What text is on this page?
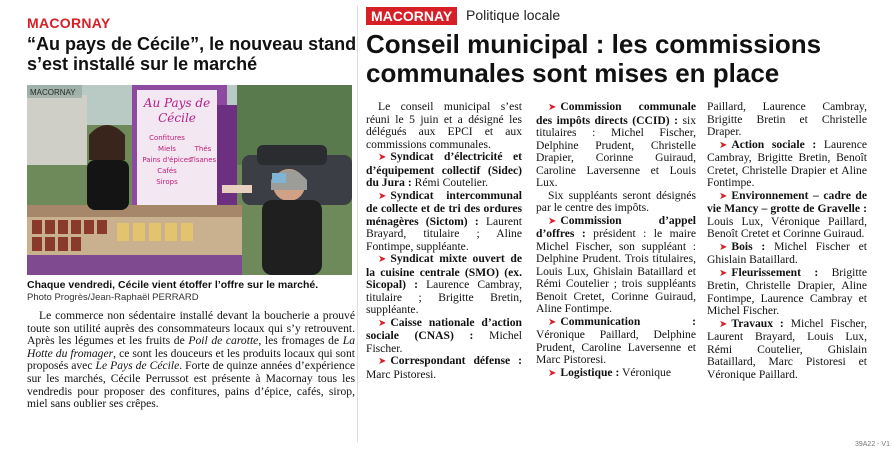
MACORNAY
“Au pays de Cécile”, le nouveau stand
s’est installé sur le marché
Au Pays de
Cécile
Confitures
Miels
Pains d'épices
Cafés
Thés
Sirops
Tisanes
MACORNAY
Chaque vendredi, Cécile vient étoffer l’offre sur le marché.
Photo Progrès/Jean-Raphaël PERRARD

Le commerce non sédentaire installé devant la boucherie a prouvé toute son utilité auprès des consommateurs locaux qui s’y retrouvent. Après les légumes et les fruits de Poil de carotte, les fromages de La Hotte du fromager, ce sont les douceurs et les produits locaux qui sont proposés avec Le Pays de Cécile. Forte de quinze années d’expérience sur les marchés, Cécile Perrussot est présente à Macornay tous les vendredis pour proposer des confitures, pains d’épice, cafés, sirop, miel sans oublier ses crêpes.

MACORNAY Politique locale
Conseil municipal : les commissions
communales sont mises en place

Le conseil municipal s’est réuni le 5 juin et a désigné les délégués aux EPCI et aux commissions communales.

➤ Syndicat d’électricité et d’équipement collectif (Sidec) du Jura : Rémi Coutelier.

➤ Syndicat intercommunal de collecte et de tri des ordures ménagères (Sictom) : Laurent Brayard, titulaire ; Aline Fontimpe, suppléante.

➤ Syndicat mixte ouvert de la cuisine centrale (SMO) (ex. Sicopal) : Laurence Cambray, titulaire ; Brigitte Bretin, suppléante.

➤ Caisse nationale d’action sociale (CNAS) : Michel Fischer.

➤ Correspondant défense : Marc Pistoresi.

➤ Commission communale des impôts directs (CCID) : six titulaires : Michel Fischer, Delphine Prudent, Christelle Drapier, Corinne Guiraud, Caroline Laversenne et Louis Lux.

Six suppléants seront désignés par le centre des impôts.

➤ Commission d’appel d’offres : président : le maire Michel Fischer, son suppléant : Delphine Prudent. Trois titulaires, Louis Lux, Ghislain Bataillard et Rémi Coutelier ; trois suppléants Benoit Cretet, Corinne Guiraud, Aline Fontimpe.

➤ Communication : Véronique Paillard, Delphine Prudent, Caroline Laversenne et Marc Pistoresi.

➤ Logistique : Véronique

Paillard, Laurence Cambray, Brigitte Bretin et Christelle Draper.

➤ Action sociale : Laurence Cambray, Brigitte Bretin, Benoît Cretet, Christelle Drapier et Aline Fontimpe.

➤ Environnement – cadre de vie Mancy – grotte de Gravelle : Louis Lux, Véronique Paillard, Benoît Cretet et Corinne Guiraud.

➤ Bois : Michel Fischer et Ghislain Bataillard.

➤ Fleurissement : Brigitte Bretin, Christelle Drapier, Aline Fontimpe, Laurence Cambray et Michel Fischer.

➤ Travaux : Michel Fischer, Laurent Brayard, Louis Lux, Rémi Coutelier, Ghislain Bataillard, Marc Pistoresi et Véronique Paillard.

39A22 - V1
